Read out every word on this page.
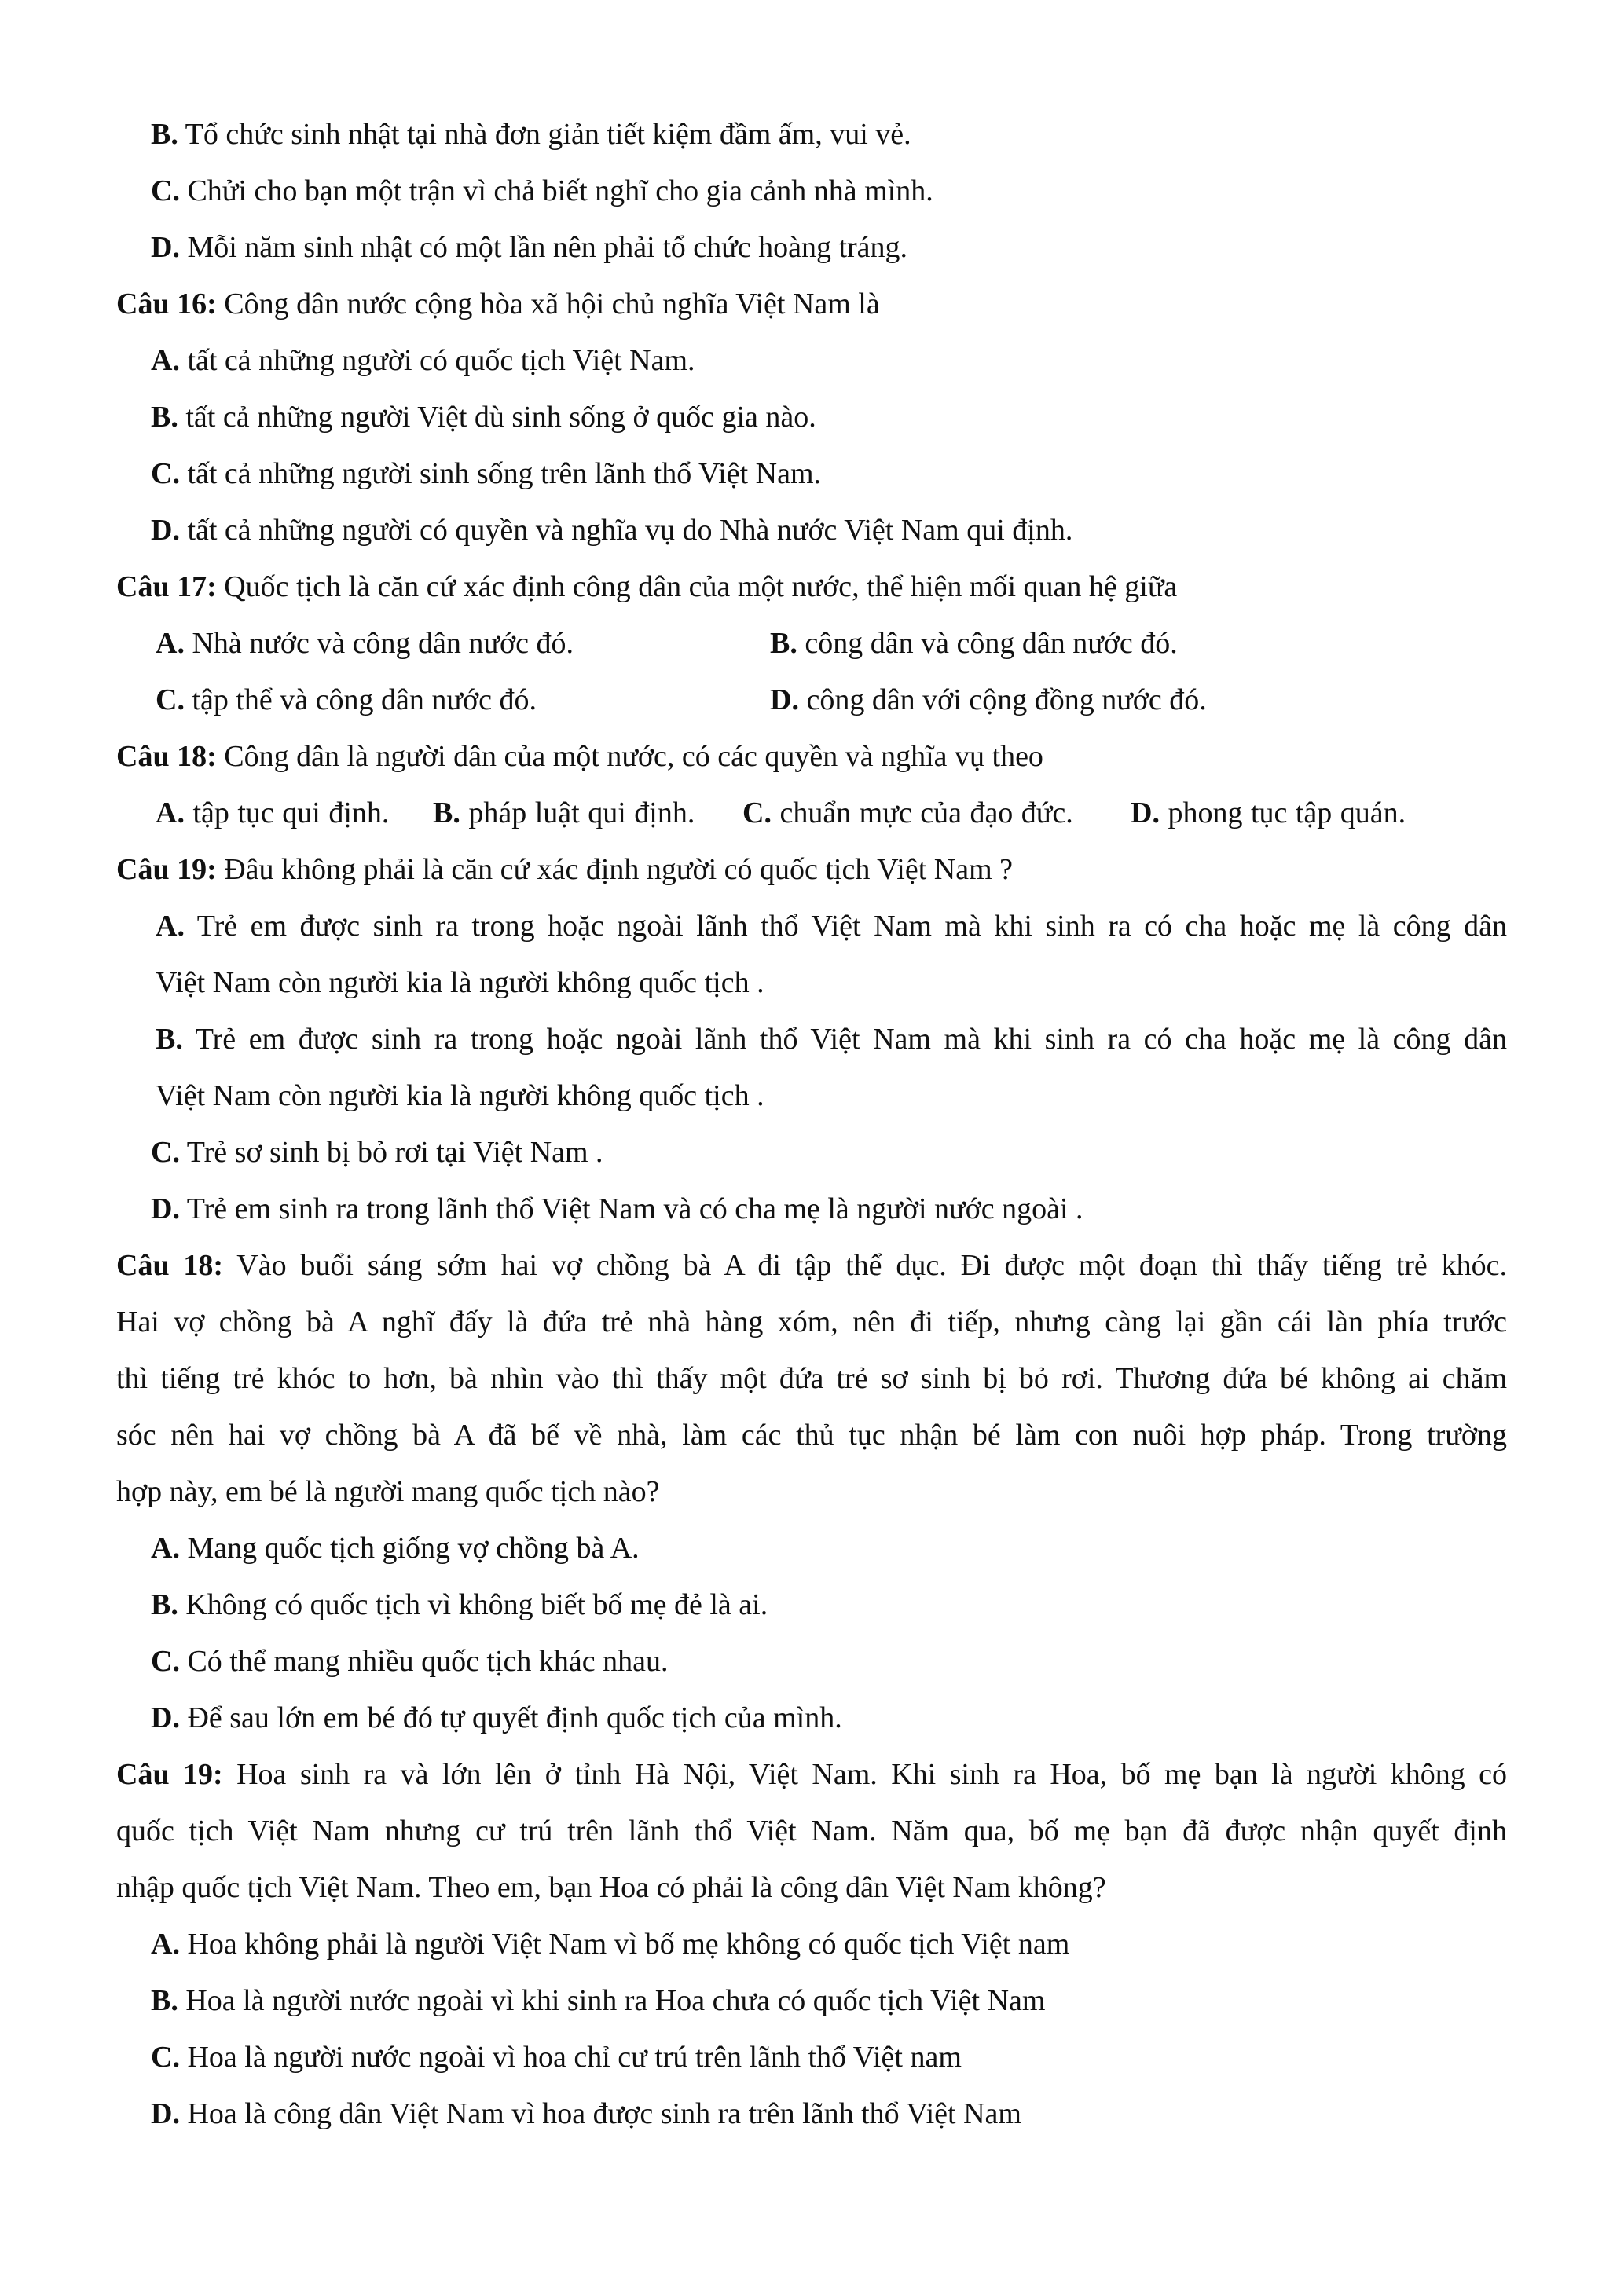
B. Tổ chức sinh nhật tại nhà đơn giản tiết kiệm đầm ấm, vui vẻ.
C. Chửi cho bạn một trận vì chả biết nghĩ cho gia cảnh nhà mình.
D. Mỗi năm sinh nhật có một lần nên phải tổ chức hoàng tráng.
Câu 16: Công dân nước cộng hòa xã hội chủ nghĩa Việt Nam là
A. tất cả những người có quốc tịch Việt Nam.
B. tất cả những người Việt dù sinh sống ở quốc gia nào.
C. tất cả những người sinh sống trên lãnh thổ Việt Nam.
D. tất cả những người có quyền và nghĩa vụ do Nhà nước Việt Nam qui định.
Câu 17: Quốc tịch là căn cứ xác định công dân của một nước, thể hiện mối quan hệ giữa
A. Nhà nước và công dân nước đó.	B. công dân và công dân nước đó.
C. tập thể và công dân nước đó.	D. công dân với cộng đồng nước đó.
Câu 18: Công dân là người dân của một nước, có các quyền và nghĩa vụ theo
A. tập tục qui định. B. pháp luật qui định. C. chuẩn mực của đạo đức. D. phong tục tập quán.
Câu 19: Đâu không phải là căn cứ xác định người có quốc tịch Việt Nam ?
A. Trẻ em được sinh ra trong hoặc ngoài lãnh thổ Việt Nam mà khi sinh ra có cha hoặc mẹ là công dân
Việt Nam còn người kia là người không quốc tịch .
B. Trẻ em được sinh ra trong hoặc ngoài lãnh thổ Việt Nam mà khi sinh ra có cha hoặc mẹ là công dân
Việt Nam còn người kia là người không quốc tịch .
C. Trẻ sơ sinh bị bỏ rơi tại Việt Nam .
D. Trẻ em sinh ra trong lãnh thổ Việt Nam và có cha mẹ là người nước ngoài .
Câu 18: Vào buổi sáng sớm hai vợ chồng bà A đi tập thể dục. Đi được một đoạn thì thấy tiếng trẻ khóc.
Hai vợ chồng bà A nghĩ đấy là đứa trẻ nhà hàng xóm, nên đi tiếp, nhưng càng lại gần cái làn phía trước
thì tiếng trẻ khóc to hơn, bà nhìn vào thì thấy một đứa trẻ sơ sinh bị bỏ rơi. Thương đứa bé không ai chăm
sóc nên hai vợ chồng bà A đã bế về nhà, làm các thủ tục nhận bé làm con nuôi hợp pháp. Trong trường
hợp này, em bé là người mang quốc tịch nào?
A. Mang quốc tịch giống vợ chồng bà A.
B. Không có quốc tịch vì không biết bố mẹ đẻ là ai.
C. Có thể mang nhiều quốc tịch khác nhau.
D. Để sau lớn em bé đó tự quyết định quốc tịch của mình.
Câu 19: Hoa sinh ra và lớn lên ở tỉnh Hà Nội, Việt Nam. Khi sinh ra Hoa, bố mẹ bạn là người không có
quốc tịch Việt Nam nhưng cư trú trên lãnh thổ Việt Nam. Năm qua, bố mẹ bạn đã được nhận quyết định
nhập quốc tịch Việt Nam. Theo em, bạn Hoa có phải là công dân Việt Nam không?
A. Hoa không phải là người Việt Nam vì bố mẹ không có quốc tịch Việt nam
B. Hoa là người nước ngoài vì khi sinh ra Hoa chưa có quốc tịch Việt Nam
C. Hoa là người nước ngoài vì hoa chỉ cư trú trên lãnh thổ Việt nam
D. Hoa là công dân Việt Nam vì hoa được sinh ra trên lãnh thổ Việt Nam
